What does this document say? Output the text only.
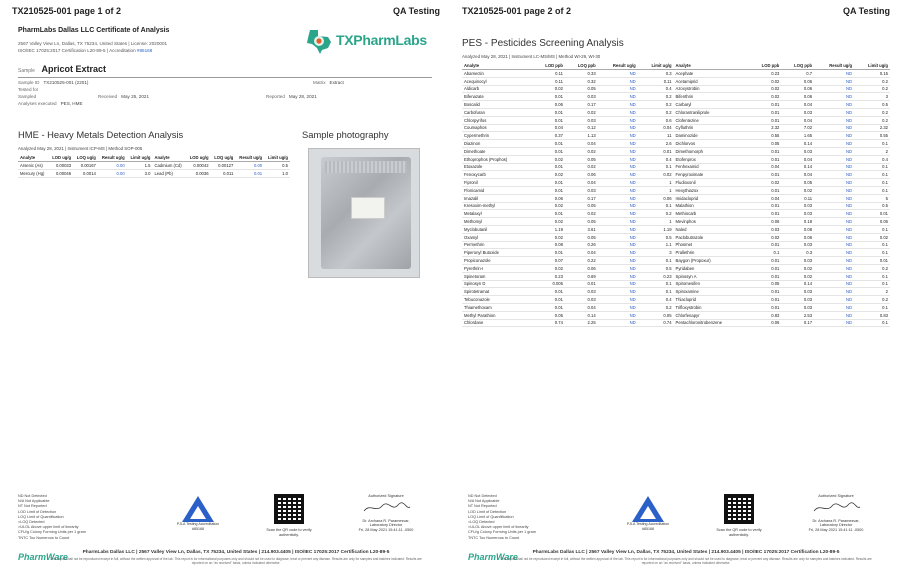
TX210525-001 page 1 of 2	QA Testing
PharmLabs Dallas LLC Certificate of Analysis
2567 Valley View Ln, Dallas, TX 75234, United States | License: 2020001
ISO/IEC 17025:2017 Certification L20-89-5 | Accreditation #85168
TXPharmLabs
Sample Apricot Extract
Sample ID TX210525-001 (2201)	Matrix Extract
Tested for
Sampled	Received May 25, 2021	Reported May 28, 2021
Analyses executed PES, HME
HME - Heavy Metals Detection Analysis
Analyzed May 28, 2021 | Instrument ICP-MS | Method SOP-005
Analyte	LOD ug/g	LOQ ug/g	Result ug/g	Limit ug/g	Analyte	LOD ug/g	LOQ ug/g	Result ug/g	Limit ug/g
Arsenic (As)	0.00033	0.00167	0.00	1.5	Cadmium (Cd)	0.00042	0.00127	0.00	0.5
Mercury (Hg)	0.00046	0.0014	0.00	3.0	Lead (Pb)	0.0036	0.011	0.01	1.0
Sample photography
ND Not Detected
N/A Not Applicable
NT Not Reported
LOD Limit of Detection
LOQ Limit of Quantification
<LOQ Detected
>ULOL Above upper limit of linearity
CFU/g Colony Forming Units per 1 gram
TNTC Too Numerous to Count
PJLA Testing Accreditation #85168	Scan the QR code to verify authenticity.
Authorized Signature
Dr. Archana R. Paramesvar,
Laboratory Director
Fri, 28 May 2021 15:41:11 -0500
PharmWare	PharmLabs Dallas LLC | 2567 Valley View Ln, Dallas, TX 75234, United States | 214.903.4405 | ISO/IEC 17025:2017 Certification L20-89-5
This report shall not be reproduced except in full, without the written approval of the lab. This report is for informational purposes only and should not be used to diagnose, treat or prevent any disease. Results are only for samples and batches indicated. Results are reported on an "as received" basis, unless indicated otherwise.
TX210525-001 page 2 of 2	QA Testing
PES - Pesticides Screening Analysis
Analyzed May 28, 2021 | Instrument LC-MS/MS | Method WI-29, WI-30
Analyte	LOD ppb	LOQ ppb	Result ug/g	Limit ug/g	Analyte	LOD ppb	LOQ ppb	Result ug/g	Limit ug/g
Abamectin	0.11	0.33	ND	0.3	Acephate	0.23	0.7	ND	0.15
Acequinocyl	0.11	0.32	ND	0.11	Acetamiprid	0.02	0.06	ND	0.2
Aldicarb	0.02	0.05	ND	0.4	Azoxystrobin	0.02	0.06	ND	0.2
Bifenazate	0.01	0.03	ND	0.2	Bifenthrin	0.02	0.06	ND	3
Boscalid	0.06	0.17	ND	0.2	Carbaryl	0.01	0.04	ND	0.5
Carbofuran	0.01	0.02	ND	0.2	Chlorantraniliprole	0.01	0.03	ND	0.2
Chlorpyrifos	0.01	0.03	ND	0.6	Clofentezine	0.01	0.04	ND	0.2
Coumaphos	0.04	0.12	ND	0.04	Cyfluthrin	2.32	7.02	ND	2.32
Cypermethrin	0.37	1.13	ND	11	Daminozide	0.55	1.65	ND	0.55
Diazinon	0.01	0.04	ND	2.6	Dichlorvos	0.05	0.14	ND	0.1
Dimethoate	0.01	0.02	ND	0.01	Dimethomorph	0.01	0.03	ND	2
Ethoprophos (Prophos)	0.02	0.05	ND	0.4	Etofenprox	0.01	0.04	ND	0.4
Etoxazole	0.01	0.02	ND	0.1	Fenhexamid	0.04	0.14	ND	0.1
Fenoxycarb	0.02	0.06	ND	0.02	Fenpyroximate	0.01	0.04	ND	0.1
Fipronil	0.01	0.04	ND	1	Fludioxonil	0.02	0.05	ND	0.1
Flonicamid	0.01	0.03	ND	1	Hexythiazox	0.01	0.02	ND	0.1
Imazalil	0.06	0.17	ND	0.06	Imidacloprid	0.04	0.11	ND	5
Kresoxim-methyl	0.02	0.05	ND	0.1	Malathion	0.01	0.03	ND	0.5
Metalaxyl	0.01	0.02	ND	0.2	Methiocarb	0.01	0.03	ND	0.01
Methomyl	0.02	0.05	ND	1	Mevinphos	0.06	0.18	ND	0.06
Myclobutanil	1.19	3.61	ND	1.19	Naled	0.03	0.08	ND	0.1
Oxamyl	0.02	0.05	ND	0.5	Paclobutrazole	0.02	0.06	ND	0.02
Permethrin	0.08	0.26	ND	1.1	Phosmet	0.01	0.03	ND	0.1
Piperonyl Butoxide	0.01	0.04	ND	3	Prallethrin	0.1	0.3	ND	0.1
Propiconazole	0.07	0.22	ND	0.1	Baygon (Propoxur)	0.01	0.03	ND	0.01
Pyrethrin-I	0.02	0.06	ND	0.5	Pyridaben	0.01	0.02	ND	0.2
Spinetoram	0.23	0.69	ND	0.23	Spinosyn A	0.01	0.02	ND	0.1
Spinosyn D	0.005	0.01	ND	0.1	Spiromesifen	0.05	0.14	ND	0.1
Spirotetramat	0.01	0.03	ND	0.1	Spiroxamine	0.01	0.03	ND	2
Tebuconazole	0.01	0.03	ND	0.4	Thiacloprid	0.01	0.03	ND	0.2
Thiamethoxam	0.01	0.04	ND	0.2	Trifloxystrobin	0.01	0.03	ND	0.1
Methyl Parathion	0.05	0.14	ND	0.05	Chlorfenapyr	0.83	2.53	ND	0.83
Chlordane	0.74	2.25	ND	0.74	Pentachloronitrobenzene	0.06	0.17	ND	0.1
ND Not Detected
N/A Not Applicable
NT Not Reported
LOD Limit of Detection
LOQ Limit of Quantification
<LOQ Detected
>ULOL Above upper limit of linearity
CFU/g Colony Forming Units per 1 gram
TNTC Too Numerous to Count
PJLA Testing Accreditation #85168	Scan the QR code to verify authenticity.
Authorized Signature
Dr. Archana R. Paramesvar,
Laboratory Director
Fri, 28 May 2021 15:41:11 -0500
PharmWare	PharmLabs Dallas LLC | 2567 Valley View Ln, Dallas, TX 75234, United States | 214.903.4405 | ISO/IEC 17025:2017 Certification L20-89-5
This report shall not be reproduced except in full, without the written approval of the lab. This report is for informational purposes only and should not be used to diagnose, treat or prevent any disease. Results are only for samples and batches indicated. Results are reported on an "as received" basis, unless indicated otherwise.
